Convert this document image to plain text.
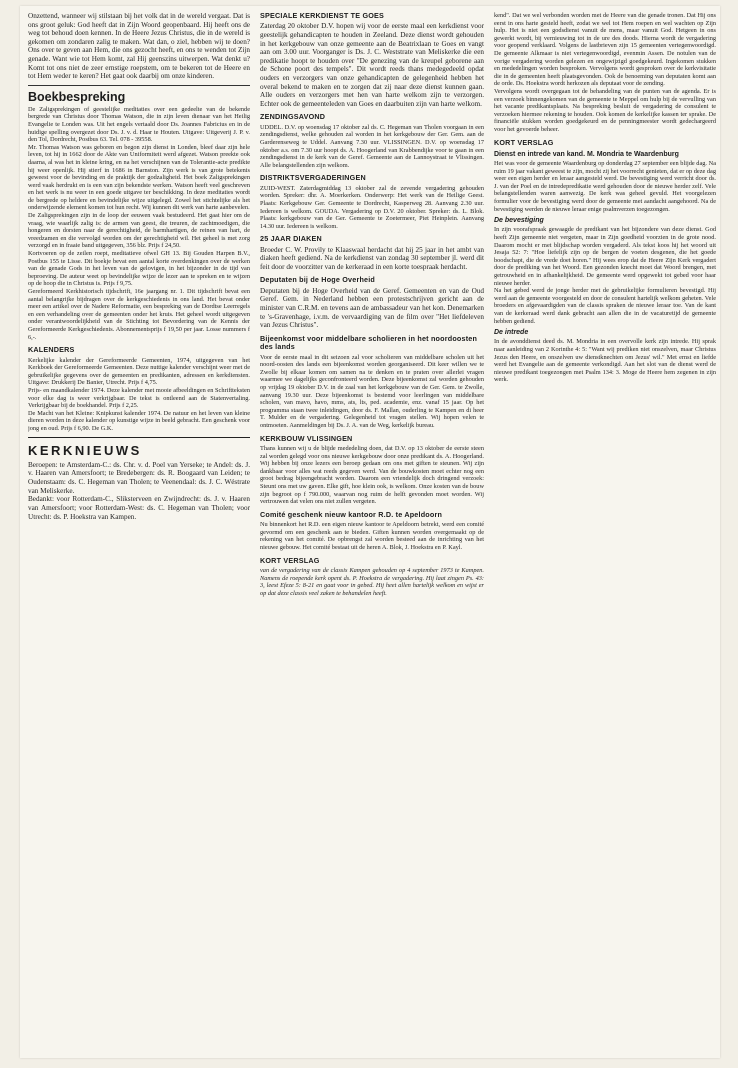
Onzettend, wanneer wij stilstaan bij het volk dat in de wereld vergaat. Dat is ons groot geluk: God heeft dat in Zijn Woord geopenbaard. Hij heeft ons de weg tot behoud doen kennen. In de Heere Jezus Christus, die in de wereld is gekomen om zondaren zalig te maken. Wat dan, o ziel, hebben wij te doen? Ons over te geven aan Hem, die ons gezocht heeft, en ons te wenden tot Zijn genade. Want wie tot Hem komt, zal Hij geenszins uitwerpen. Wat denkt u? Komt tot ons niet de zeer ernstige roepstem, om te bekeren tot de Heere en tot Hem weder te keren? Het gaat ook daarbij om onze kinderen.

Boekbespreking

De Zaligsprekingen of geestelijke meditaties over een gedeelte van de bekende bergrede van Christus door Thomas Watson, die in zijn leven dienaar van het Heilig Evangelie te Londen was. Uit het engels vertaald door Ds. Joannes Fabricius en in de huidige spelling overgezet door Ds. J. v. d. Haar te Houten. Uitgave: Uitgeverij J. P. v. den Tol, Dordrecht, Postbus 63. Tel. 078 - 39558.

Mr. Thomas Watson was geboren en begon zijn dienst in Londen, bleef daar zijn hele leven, tot hij in 1662 door de Akte van Uniformiteit werd afgezet. Watson preekte ook daarna, al was het in kleine kring, en na het verschijnen van de Tolerantie-acte predikte hij weer openlijk. Hij stierf in 1686 in Barnston. Zijn werk is van grote betekenis geweest voor de bevinding en de praktijk der godzaligheid. Het boek Zaligsprekingen werd vaak herdrukt en is een van zijn bekendste werken. Watson heeft veel geschreven en het werk is nu weer in een goede uitgave ter beschikking. In deze meditaties wordt de bergrede op heldere en bevindelijke wijze uitgelegd. Zowel het stichtelijke als het onderwijzende element komen tot hun recht. Wij kunnen dit werk van harte aanbevelen.

De Zaligsprekingen zijn in de loop der eeuwen vaak bestudeerd. Het gaat hier om de vraag, wie waarlijk zalig is: de armen van geest, die treuren, de zachtmoedigen, die hongeren en dorsten naar de gerechtigheid, de barmhartigen, de reinen van hart, de vreedzamen en die vervolgd worden om der gerechtigheid wil. Het geheel is met zorg verzorgd en in fraaie band uitgegeven, 356 blz. Prijs f 24,50.

Kortvoeren op de zeilen roept, meditatieve ofwel GH 13. Bij Gouden Harpen B.V., Postbus 155 te Lisse. Dit boekje bevat een aantal korte overdenkingen over de werken van de genade Gods in het leven van de gelovigen, in het bijzonder in de tijd van beproeving. De auteur weet op bevindelijke wijze de lezer aan te spreken en te wijzen op de hoop die in Christus is. Prijs f 9,75.

Gereformeerd Kerkhistorisch tijdschrift, 16e jaargang nr. 1. Dit tijdschrift bevat een aantal belangrijke bijdragen over de kerkgeschiedenis in ons land. Het bevat onder meer een artikel over de Nadere Reformatie, een bespreking van de Dordtse Leerregels en een verhandeling over de gemeenten onder het kruis. Het geheel wordt uitgegeven onder verantwoordelijkheid van de Stichting tot Bevordering van de Kennis der Gereformeerde Kerkgeschiedenis. Abonnementsprijs f 19,50 per jaar. Losse nummers f 6,-.

KALENDERS

Kerkelijke kalender der Gereformeerde Gemeenten, 1974, uitgegeven van het Kerkboek der Gereformeerde Gemeenten. Deze nuttige kalender verschijnt weer met de gebruikelijke gegevens over de gemeenten en predikanten, adressen en kerkdiensten. Uitgave: Drukkerij De Banier, Utrecht. Prijs f 4,75.

Prijs- en maandkalender 1974. Deze kalender met mooie afbeeldingen en Schriftteksten voor elke dag is weer verkrijgbaar. De tekst is ontleend aan de Statenvertaling. Verkrijgbaar bij de boekhandel. Prijs f 2,25.

De Macht van het Kleine: Knipkunst kalender 1974. De natuur en het leven van kleine dieren worden in deze kalender op kunstige wijze in beeld gebracht. Een geschenk voor jong en oud. Prijs f 6,90. De G.K.

KERKNIEUWS

Beroepen: te Amsterdam-C.: ds. Chr. v. d. Poel van Yerseke; te Andel: ds. J. v. Haaren van Amersfoort; te Bredebergen: ds. R. Boogaard van Leiden; te Oudenstaam: ds. C. Hegeman van Tholen; te Veenendaal: ds. J. C. Wéstrate van Meliskerke.

Bedankt: voor Rotterdam-C., Sliksterveen en Zwijndrecht: ds. J. v. Haaren van Amersfoort; voor Rotterdam-West: ds. C. Hegeman van Tholen; voor Utrecht: ds. P. Hoekstra van Kampen.

SPECIALE KERKDIENST TE GOES

Zaterdag 20 oktober D.V. hopen wij voor de eerste maal een kerkdienst voor geestelijk gehandicapten te houden in Zeeland. Deze dienst wordt gehouden in het kerkgebouw van onze gemeente aan de Beatrixlaan te Goes en vangt aan om 3.00 uur. Voorganger is Ds. J. C. Weststrate van Meliskerke die een predikatie hoopt te houden over "De genezing van de kreupel geborene aan de Schone poort des tempels". Dit wordt reeds thans medegedeeld opdat ouders en verzorgers van onze gehandicapten de gelegenheid hebben het overal bekend te maken en te zorgen dat zij naar deze dienst kunnen gaan. Alle ouders en verzorgers met hen van harte welkom zijn te verzorgen. Echter ook de gemeenteleden van Goes en daarbuiten zijn van harte welkom.

ZENDINGSAVOND

UDDEL. D.V. op woensdag 17 oktober zal ds. C. Hegeman van Tholen voorgaan in een zendingsdienst, welke gehouden zal worden in het kerkgebouw der Ger. Gem. aan de Garderenseweg te Uddel. Aanvang 7.30 uur. VLISSINGEN. D.V. op woensdag 17 oktober a.s. om 7.30 uur hoopt ds. A. Hoogerland van Krabbendijke voor te gaan in een zendingsdienst in de kerk van de Geref. Gemeente aan de Lannoystraat te Vlissingen. Alle belangstellenden zijn welkom.

DISTRIKTSVERGADERINGEN

ZUID-WEST. Zaterdagmiddag 13 oktober zal de zevende vergadering gehouden worden. Spreker: dhr. A. Moerkerken. Onderwerp: Het werk van de Heilige Geest. Plaats: Kerkgebouw Ger. Gemeente te Dordrecht, Kasperweg 28. Aanvang 2.30 uur. Iedereen is welkom. GOUDA. Vergadering op D.V. 20 oktober. Spreker: ds. L. Blok. Plaats: kerkgebouw van de Ger. Gemeente te Zoetermeer, Piet Heinplein. Aanvang 14.30 uur. Iedereen is welkom.

25 JAAR DIAKEN

Broeder C. W. Provily te Klaaswaal herdacht dat hij 25 jaar in het ambt van diaken heeft gediend. Na de kerkdienst van zondag 30 september jl. werd dit feit door de voorzitter van de kerkeraad in een korte toespraak herdacht.

Deputaten bij de Hoge Overheid

Deputaten bij de Hoge Overheid van de Geref. Gemeenten en van de Oud Geref. Gem. in Nederland hebben een protestschrijven gericht aan de minister van C.R.M. en tevens aan de ambassadeur van het kon. Denemarken te 's-Gravenhage, i.v.m. de vervaardiging van de film over "Het liefdeleven van Jezus Christus".

Bijeenkomst voor middelbare scholieren in het noordoosten des lands

Voor de eerste maal in dit seizoen zal voor scholieren van middelbare scholen uit het noord-oosten des lands een bijeenkomst worden georganiseerd. Dit keer willen we te Zwolle bij elkaar komen om samen na te denken en te praten over allerlei vragen waarmee we dagelijks geconfronteerd worden. Deze bijeenkomst zal worden gehouden op vrijdag 19 oktober D.V. in de zaal van het kerkgebouw van de Ger. Gem. te Zwolle, aanvang 19.30 uur. Deze bijeenkomst is bestemd voor leerlingen van middelbare scholen, van mavo, havo, mms, ats, lts, ped. academie, enz. vanaf 15 jaar. Op het programma staan twee inleidingen, door ds. F. Mallan, ouderling te Kampen en di heer T. Mulder en de vergadering. Gelegenheid tot vragen stellen. Wij hopen velen te ontmoeten. Aanmeldingen bij Ds. J. A. van de Weg, kerkelijk bureau.

KERKBOUW VLISSINGEN

Thans kunnen wij u de blijde mededeling doen, dat D.V. op 13 oktober de eerste steen zal worden gelegd voor ons nieuwe kerkgebouw door onze predikant ds. A. Hoogerland. Wij hebben bij onze lezers een beroep gedaan om ons met giften te steunen. Wij zijn dankbaar voor alles wat reeds gegeven werd. Van de bouwkosten moet echter nog een groot bedrag bijeengebracht worden. Daarom een vriendelijk doch dringend verzoek: Steunt ons met uw gaven. Elke gift, hoe klein ook, is welkom. Onze kosten van de bouw zijn begroot op f 790.000, waarvan nog ruim de helft gevonden moet worden. Wij vertrouwen dat velen ons niet zullen vergeten.

Comité geschenk nieuw kantoor R.D. te Apeldoorn

Nu binnenkort het R.D. een eigen nieuw kantoor te Apeldoorn betrekt, werd een comité gevormd om een geschenk aan te bieden. Giften kunnen worden overgemaakt op de rekening van het comité. De opbrengst zal worden besteed aan de inrichting van het nieuwe gebouw. Het comité bestaat uit de heren A. Blok, J. Hoekstra en P. Kayl.

KORT VERSLAG

van de vergadering van de classis Kampen gehouden op 4 september 1973 te Kampen. Namens de roepende kerk opent ds. P. Hoekstra de vergadering. Hij laat zingen Ps. 43: 3, leest Efeze 5: 8-21 en gaat voor in gebed. Hij heet allen hartelijk welkom en wijst er op dat deze classis veel zaken te behandelen heeft.

kend". Dat we wel verbonden worden met de Heere van die genade tronen. Dat Hij ons eerst in ons harte gesteld heeft, zodat we wel tot Hem roepen en wel wachten op Zijn hulp. Het is niet een godsdienst vanuit de mens, maar vanuit God. Hetgeen in ons gewerkt wordt, bij vernieuwing tot in de ure des doods. Hierna wordt de vergadering voor geopend verklaard. Volgens de lastbrieven zijn 15 gemeenten vertegenwoordigd. De gemeente Alkmaar is niet vertegenwoordigd, evenmin Assen. De notulen van de vorige vergadering worden gelezen en ongewijzigd goedgekeurd. Ingekomen stukken en mededelingen worden besproken. Vervolgens wordt gesproken over de kerkvisitatie die in de gemeenten heeft plaatsgevonden. Ook de benoeming van deputaten komt aan de orde. Ds. Hoekstra wordt herkozen als deputaat voor de zending.

Vervolgens wordt overgegaan tot de behandeling van de punten van de agenda. Er is een verzoek binnengekomen van de gemeente te Meppel om hulp bij de vervulling van het vacante predikantsplaats. Na bespreking besluit de vergadering de consulent te verzoeken hiermee rekening te houden. Ook komen de kerkelijke kassen ter sprake. De financiële stukken worden goedgekeurd en de penningmeester wordt gedechargeerd voor het gevoerde beheer.

KORT VERSLAG
Dienst en intrede van kand. M. Mondria te Waardenburg

Het was voor de gemeente Waardenburg op donderdag 27 september een blijde dag. Na ruim 19 jaar vakant geweest te zijn, mocht zij het voorrecht genieten, dat er op deze dag weer een eigen herder en leraar aangesteld werd. De bevestiging werd verricht door ds. J. van der Poel en de intredepredikatie werd gehouden door de nieuwe herder zelf. Vele belangstellenden waren aanwezig. De kerk was geheel gevuld. Het voorgelezen formulier voor de bevestiging werd door de gemeente met aandacht aangehoord. Na de bevestiging werden de nieuwe leraar enige psalmverzen toegezongen.

De bevestiging

In zijn voorafspraak gewaagde de predikant van het bijzondere van deze dienst. God heeft Zijn gemeente niet vergeten, maar in Zijn goedheid voorzien in de grote nood. Daarom mocht er met blijdschap worden vergaderd. Als tekst koos hij het woord uit Jesaja 52: 7: "Hoe liefelijk zijn op de bergen de voeten desgenen, die het goede boodschapt, die de vrede doet horen." Hij wees erop dat de Heere Zijn Kerk vergadert door de prediking van het Woord. Een gezonden knecht moet dat Woord brengen, met getrouwheid en in afhankelijkheid. De gemeente werd opgewekt tot gebed voor haar nieuwe herder.

Na het gebed werd de jonge herder met de gebruikelijke formulieren bevestigd. Hij werd aan de gemeente voorgesteld en door de consulent hartelijk welkom geheten. Vele broeders en afgevaardigden van de classis spraken de nieuwe leraar toe. Van de kant van de kerkeraad werd dank gebracht aan allen die in de vacaturetijd de gemeente hebben gediend.

De intrede

In de avonddienst deed ds. M. Mondria in een overvolle kerk zijn intrede. Hij sprak naar aanleiding van 2 Korinthe 4: 5: "Want wij prediken niet onszelven, maar Christus Jezus den Heere, en onszelven uw dienstknechten om Jezus' wil." Met ernst en liefde werd het Evangelie aan de gemeente verkondigd. Aan het slot van de dienst werd de nieuwe predikant toegezongen met Psalm 134: 3. Moge de Heere hem zegenen in zijn werk.
